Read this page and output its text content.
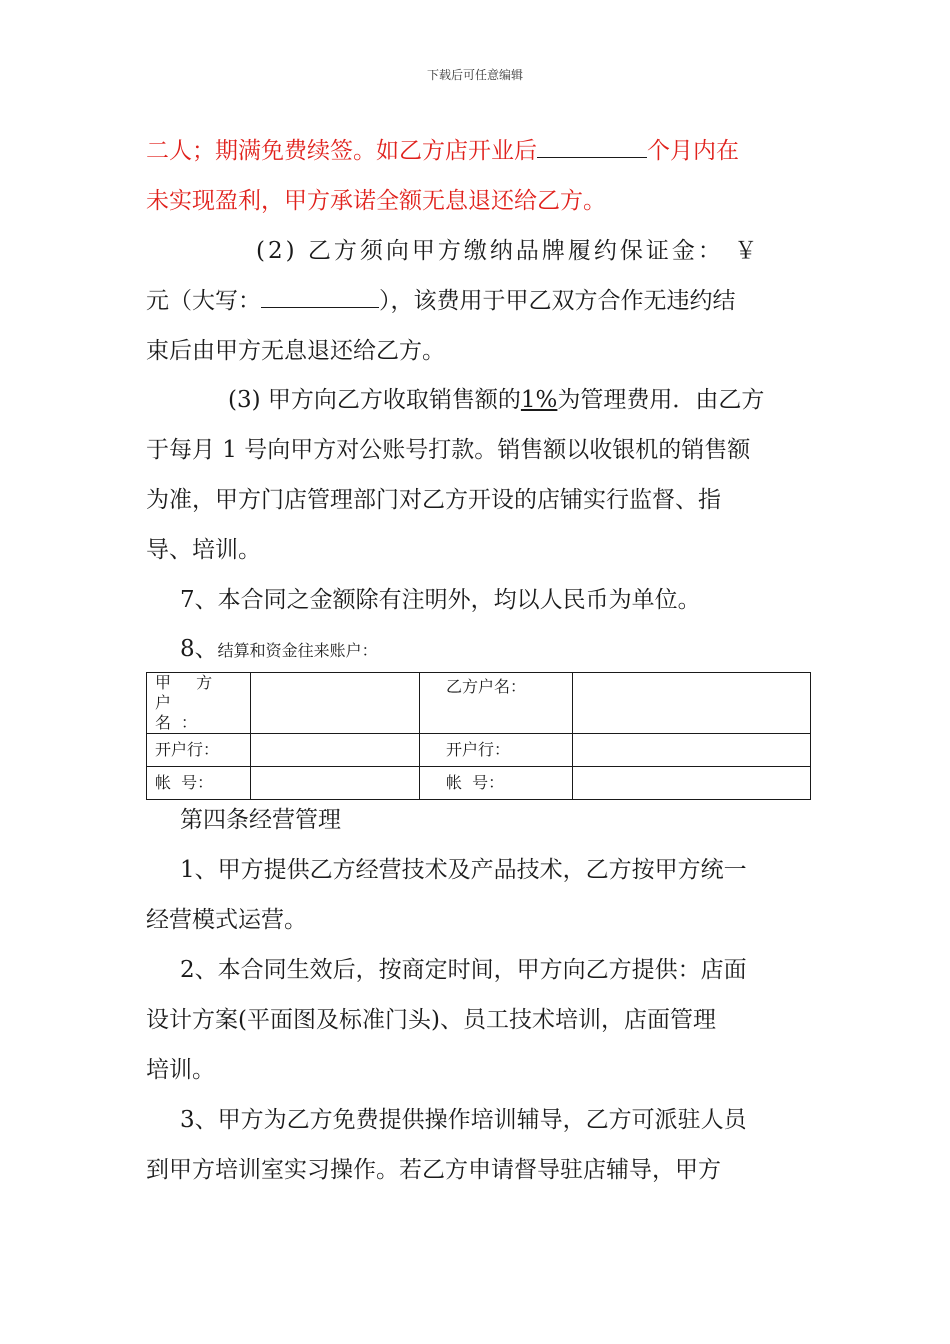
下载后可任意编辑
二人；期满免费续签。如乙方店开业后	个月内在
未实现盈利，甲方承诺全额无息退还给乙方。
(2) 乙方须向甲方缴纳品牌履约保证金： ￥
元（大写：	），该费用于甲乙双方合作无违约结
束后由甲方无息退还给乙方。
(3) 甲方向乙方收取销售额的1%为管理费用．由乙方
于每月 1 号向甲方对公账号打款。销售额以收银机的销售额
为准，甲方门店管理部门对乙方开设的店铺实行监督、指
导、培训。
7、本合同之金额除有注明外，均以人民币为单位。
8、结算和资金往来账户：
甲 方 户 名：		乙方户名：	
开户行：		开户行：	
帐  号：		帐  号：	
第四条经营管理
1、甲方提供乙方经营技术及产品技术，乙方按甲方统一
经营模式运营。
2、本合同生效后，按商定时间，甲方向乙方提供：店面
设计方案(平面图及标准门头)、员工技术培训，店面管理
培训。
3、甲方为乙方免费提供操作培训辅导，乙方可派驻人员
到甲方培训室实习操作。若乙方申请督导驻店辅导，甲方
